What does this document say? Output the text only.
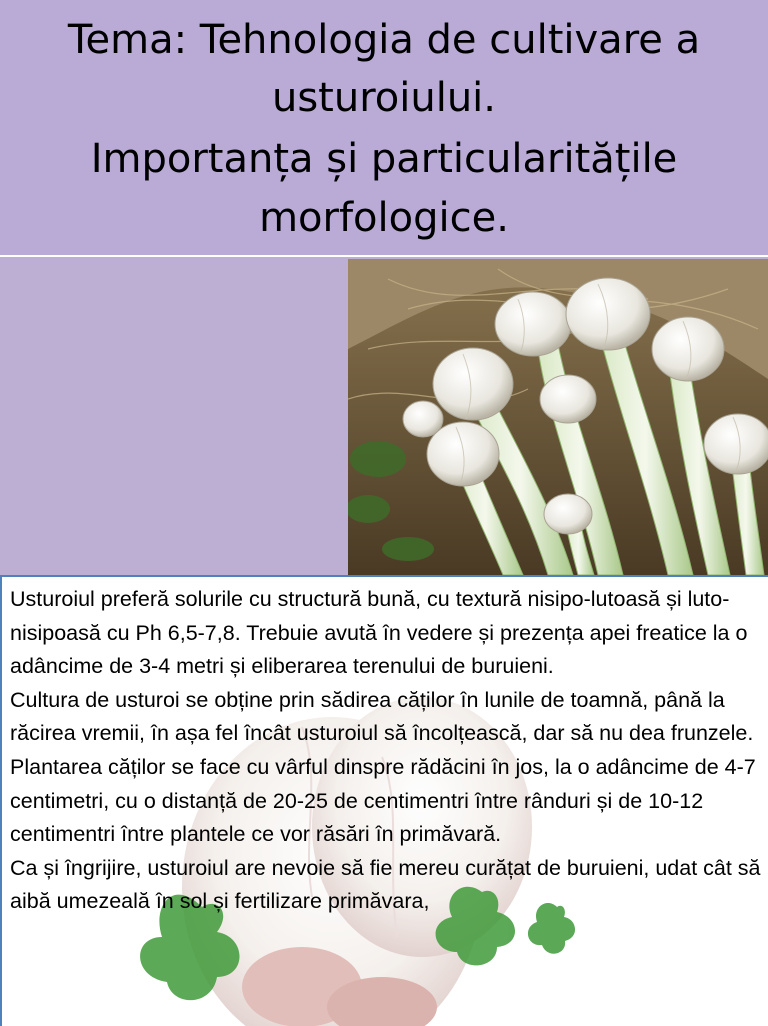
Tema: Tehnologia de cultivare a
usturoiului.
Importanța și particularitățile
morfologice.

Usturoiul preferă solurile cu structură bună, cu textură nisipo-lutoasă și luto-nisipoasă cu Ph 6,5-7,8. Trebuie avută în vedere și prezența apei freatice la o adâncime de 3-4 metri și eliberarea terenului de buruieni.

Cultura de usturoi se obține prin sădirea căților în lunile de toamnă, până la răcirea vremii, în așa fel încât usturoiul să încolțească, dar să nu dea frunzele.

Plantarea căților se face cu vârful dinspre rădăcini în jos, la o adâncime de 4-7 centimetri, cu o distanță de 20-25 de centimentri între rânduri și de 10-12 centimentri între plantele ce vor răsări în primăvară.

Ca și îngrijire, usturoiul are nevoie să fie mereu curățat de buruieni, udat cât să aibă umezeală în sol și fertilizare primăvara,
